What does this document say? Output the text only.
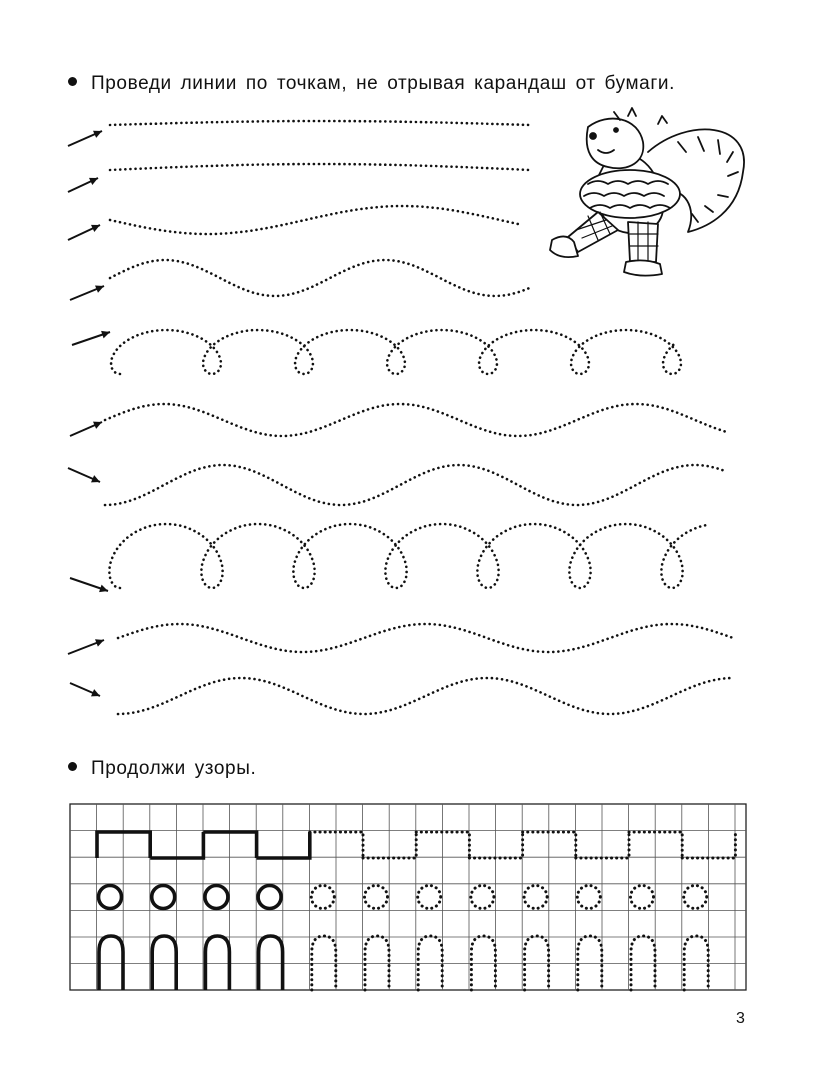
Проведи линии по точкам, не отрывая карандаш от бумаги.
Продолжи узоры.
3
